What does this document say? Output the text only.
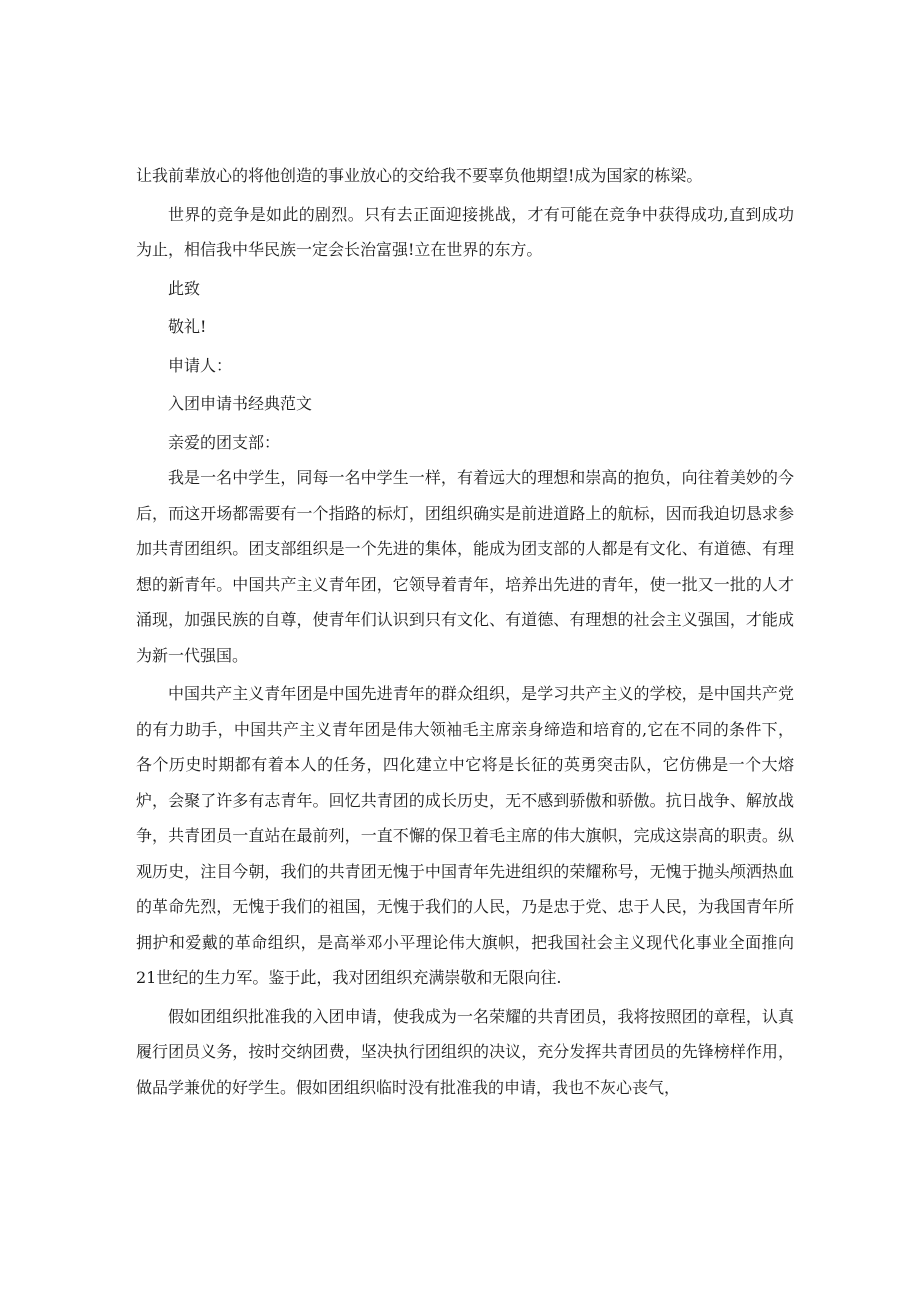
让我前辈放心的将他创造的事业放心的交给我不要辜负他期望!成为国家的栋梁。

世界的竞争是如此的剧烈。只有去正面迎接挑战，才有可能在竞争中获得成功,直到成功为止，相信我中华民族一定会长治富强!立在世界的东方。

此致

敬礼!

申请人：

入团申请书经典范文

亲爱的团支部：

我是一名中学生，同每一名中学生一样，有着远大的理想和崇高的抱负，向往着美妙的今后，而这开场都需要有一个指路的标灯，团组织确实是前进道路上的航标，因而我迫切恳求参加共青团组织。团支部组织是一个先进的集体，能成为团支部的人都是有文化、有道德、有理想的新青年。中国共产主义青年团，它领导着青年，培养出先进的青年，使一批又一批的人才涌现，加强民族的自尊，使青年们认识到只有文化、有道德、有理想的社会主义强国，才能成为新一代强国。

中国共产主义青年团是中国先进青年的群众组织，是学习共产主义的学校，是中国共产党的有力助手，中国共产主义青年团是伟大领袖毛主席亲身缔造和培育的,它在不同的条件下，各个历史时期都有着本人的任务，四化建立中它将是长征的英勇突击队，它仿佛是一个大熔炉，会聚了许多有志青年。回忆共青团的成长历史，无不感到骄傲和骄傲。抗日战争、解放战争，共青团员一直站在最前列，一直不懈的保卫着毛主席的伟大旗帜，完成这崇高的职责。纵观历史，注目今朝，我们的共青团无愧于中国青年先进组织的荣耀称号，无愧于抛头颅洒热血的革命先烈，无愧于我们的祖国，无愧于我们的人民，乃是忠于党、忠于人民，为我国青年所拥护和爱戴的革命组织，是高举邓小平理论伟大旗帜，把我国社会主义现代化事业全面推向21世纪的生力军。鉴于此，我对团组织充满崇敬和无限向往.

假如团组织批准我的入团申请，使我成为一名荣耀的共青团员，我将按照团的章程，认真履行团员义务，按时交纳团费，坚决执行团组织的决议，充分发挥共青团员的先锋榜样作用，做品学兼优的好学生。假如团组织临时没有批准我的申请，我也不灰心丧气，
